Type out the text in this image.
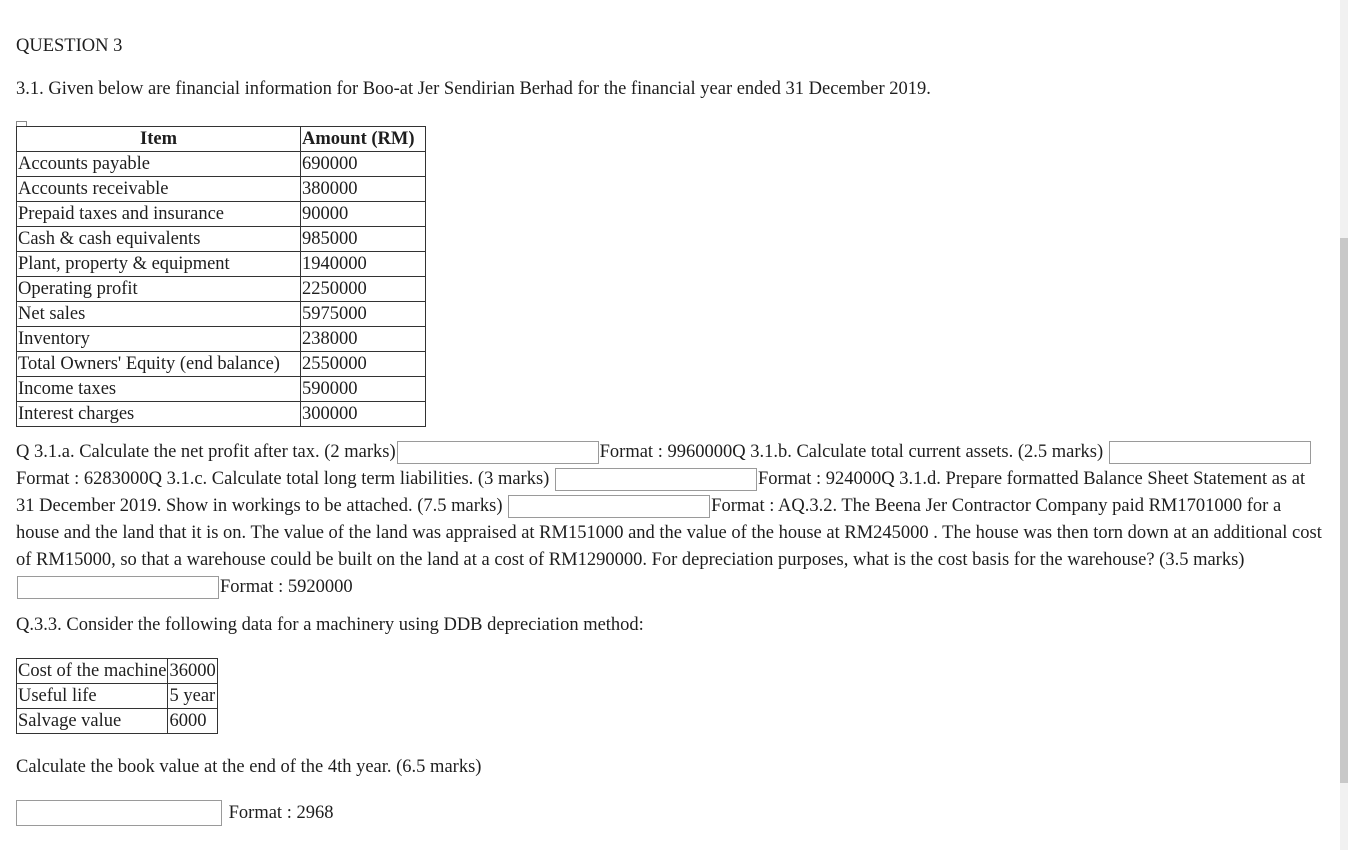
QUESTION 3
3.1. Given below are financial information for Boo-at Jer Sendirian Berhad for the financial year ended 31 December 2019.
Item	Amount (RM)
Accounts payable	690000
Accounts receivable	380000
Prepaid taxes and insurance	90000
Cash & cash equivalents	985000
Plant, property & equipment	1940000
Operating profit	2250000
Net sales	5975000
Inventory	238000
Total Owners' Equity (end balance)	2550000
Income taxes	590000
Interest charges	300000
Q 3.1.a. Calculate the net profit after tax. (2 marks)	Format : 9960000Q 3.1.b. Calculate total current assets. (2.5 marks) Format : 6283000Q 3.1.c. Calculate total long term liabilities. (3 marks)	Format : 924000Q 3.1.d. Prepare formatted Balance Sheet Statement as at 31 December 2019. Show in workings to be attached. (7.5 marks)	Format : AQ.3.2. The Beena Jer Contractor Company paid RM1701000 for a house and the land that it is on. The value of the land was appraised at RM151000 and the value of the house at RM245000 . The house was then torn down at an additional cost of RM15000, so that a warehouse could be built on the land at a cost of RM1290000. For depreciation purposes, what is the cost basis for the warehouse? (3.5 marks) Format : 5920000
Q.3.3. Consider the following data for a machinery using DDB depreciation method:
Cost of the machine	36000
Useful life	5 year
Salvage value	6000
Calculate the book value at the end of the 4th year. (6.5 marks)
Format : 2968
